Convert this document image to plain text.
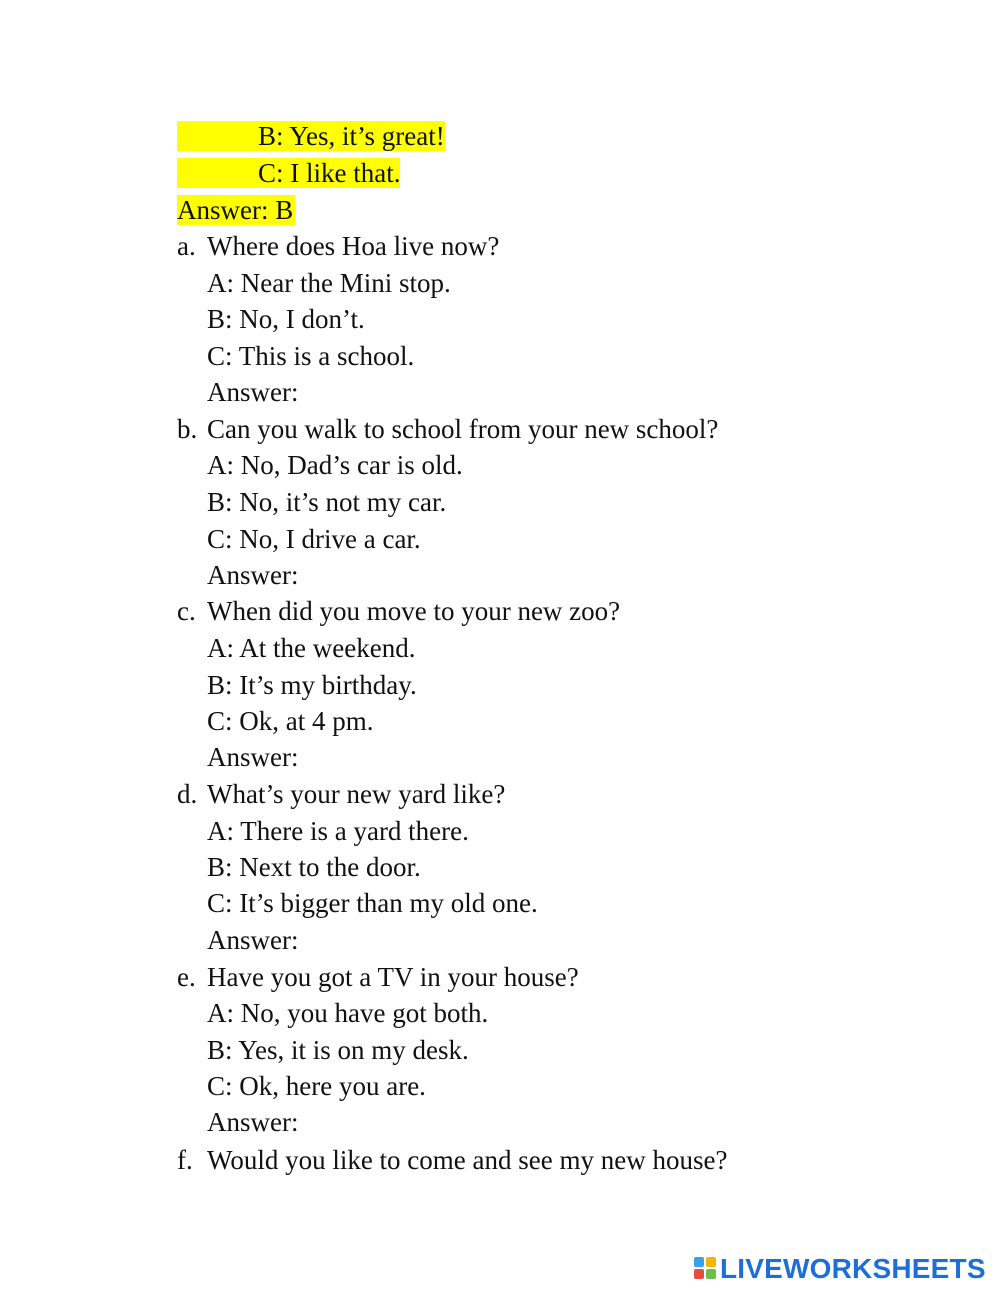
B: Yes, it’s great!
C: I like that.
Answer: B
a. Where does Hoa live now?
A: Near the Mini stop.
B: No, I don’t.
C: This is a school.
Answer:
b. Can you walk to school from your new school?
A: No, Dad’s car is old.
B: No, it’s not my car.
C: No, I drive a car.
Answer:
c. When did you move to your new zoo?
A: At the weekend.
B: It’s my birthday.
C: Ok, at 4 pm.
Answer:
d. What’s your new yard like?
A: There is a yard there.
B: Next to the door.
C: It’s bigger than my old one.
Answer:
e. Have you got a TV in your house?
A: No, you have got both.
B: Yes, it is on my desk.
C: Ok, here you are.
Answer:
f. Would you like to come and see my new house?
LIVEWORKSHEETS
